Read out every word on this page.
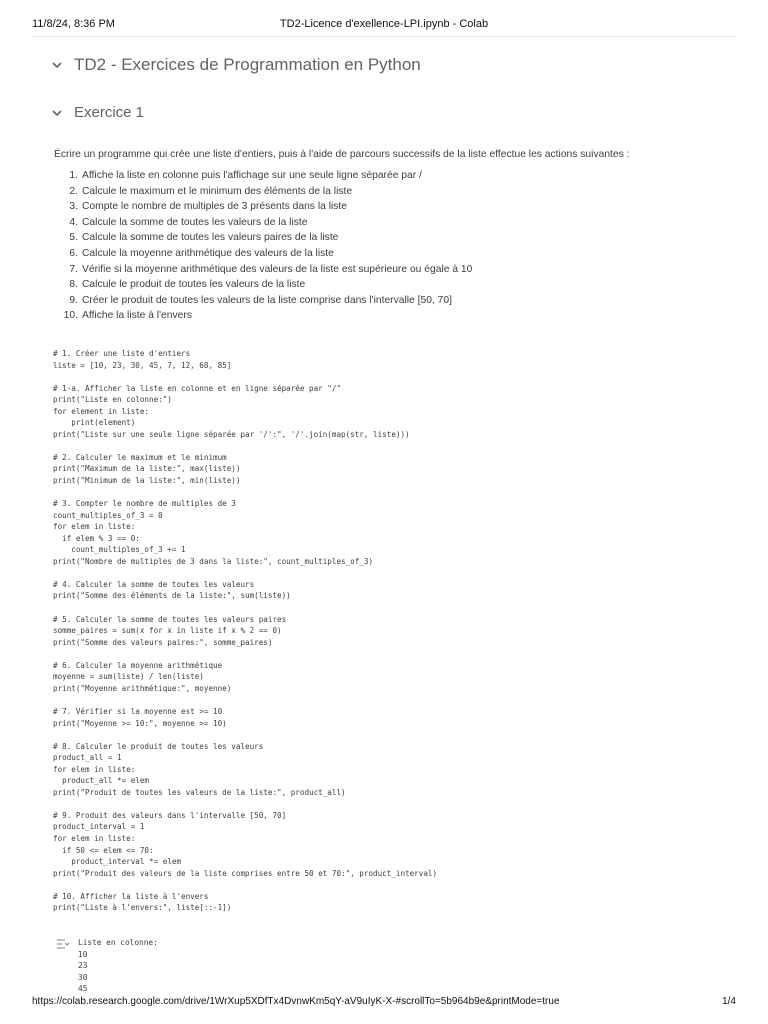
11/8/24, 8:36 PM	TD2-Licence d'exellence-LPI.ipynb - Colab
TD2 - Exercices de Programmation en Python
Exercice 1
Écrire un programme qui crée une liste d'entiers, puis à l'aide de parcours successifs de la liste effectue les actions suivantes :
1. Affiche la liste en colonne puis l'affichage sur une seule ligne séparée par /
2. Calcule le maximum et le minimum des éléments de la liste
3. Compte le nombre de multiples de 3 présents dans la liste
4. Calcule la somme de toutes les valeurs de la liste
5. Calcule la somme de toutes les valeurs paires de la liste
6. Calcule la moyenne arithmétique des valeurs de la liste
7. Vérifie si la moyenne arithmétique des valeurs de la liste est supérieure ou égale à 10
8. Calcule le produit de toutes les valeurs de la liste
9. Créer le produit de toutes les valeurs de la liste comprise dans l'intervalle [50, 70]
10. Affiche la liste à l'envers
# 1. Créer une liste d'entiers
liste = [10, 23, 30, 45, 7, 12, 68, 85]

# 1-a. Afficher la liste en colonne et en ligne séparée par "/"
print("Liste en colonne:")
for element in liste:
print(element)
print("Liste sur une seule ligne séparée par '/':", '/'.join(map(str, liste)))

# 2. Calculer le maximum et le minimum
print("Maximum de la liste:", max(liste))
print("Minimum de la liste:", min(liste))

# 3. Compter le nombre de multiples de 3
count_multiples_of_3 = 0
for elem in liste:
if elem % 3 == 0:
count_multiples_of_3 += 1
print("Nombre de multiples de 3 dans la liste:", count_multiples_of_3)

# 4. Calculer la somme de toutes les valeurs
print("Somme des éléments de la liste:", sum(liste))

# 5. Calculer la somme de toutes les valeurs paires
somme_paires = sum(x for x in liste if x % 2 == 0)
print("Somme des valeurs paires:", somme_paires)

# 6. Calculer la moyenne arithmétique
moyenne = sum(liste) / len(liste)
print("Moyenne arithmétique:", moyenne)

# 7. Vérifier si la moyenne est >= 10
print("Moyenne >= 10:", moyenne >= 10)

# 8. Calculer le produit de toutes les valeurs
product_all = 1
for elem in liste:
product_all *= elem
print("Produit de toutes les valeurs de la liste:", product_all)

# 9. Produit des valeurs dans l'intervalle [50, 70]
product_interval = 1
for elem in liste:
if 50 <= elem <= 70:
product_interval *= elem
print("Produit des valeurs de la liste comprises entre 50 et 70:", product_interval)

# 10. Afficher la liste à l'envers
print("Liste à l'envers:", liste[::-1])
Liste en colonne:
10
23
30
45
https://colab.research.google.com/drive/1WrXup5XDfTx4DvnwKm5qY-aV9uIyK-X-#scrollTo=5b964b9e&printMode=true	1/4
